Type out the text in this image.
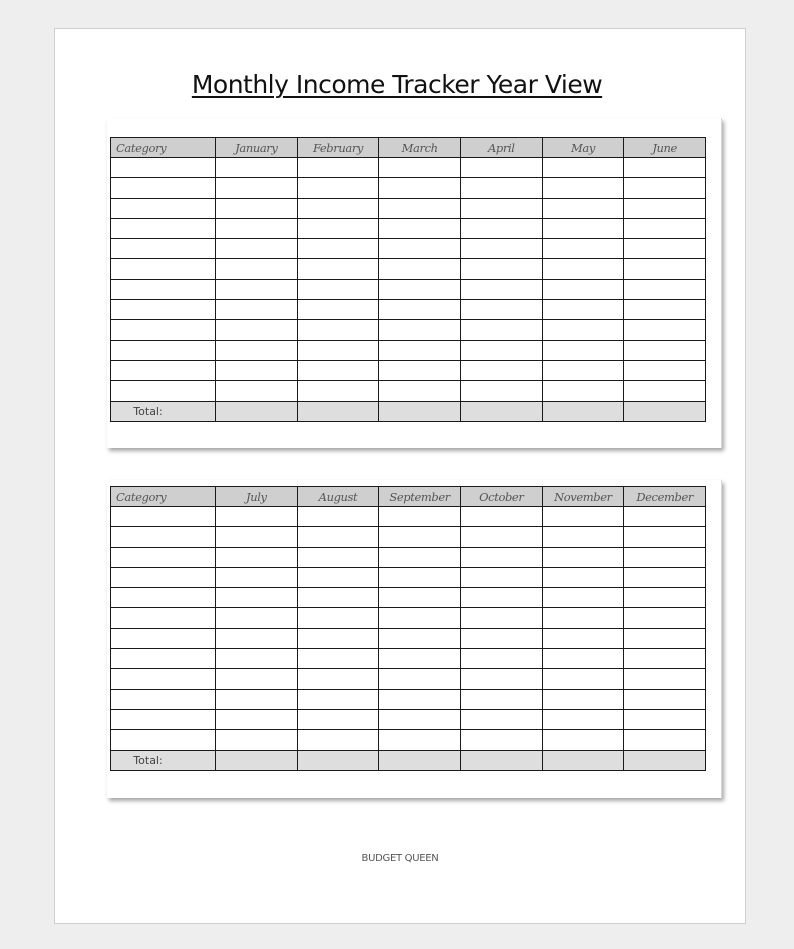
Monthly Income Tracker Year View
Category	January	February	March	April	May	June

Total:						
Category	July	August	September	October	November	December

Total:						
BUDGET QUEEN
